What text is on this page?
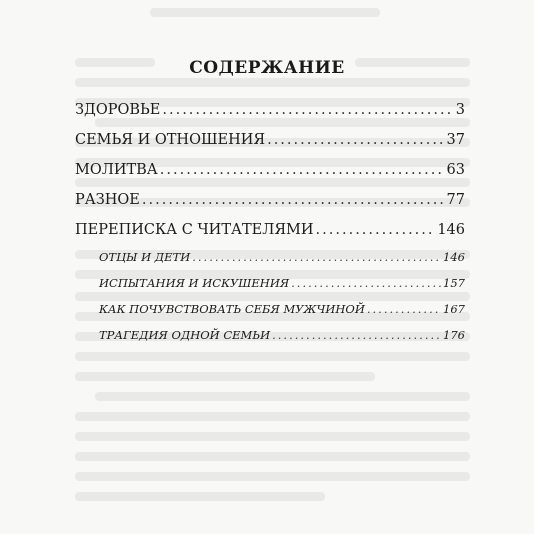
СОДЕРЖАНИЕ
ЗДОРОВЬЕ .....	3
СЕМЬЯ И ОТНОШЕНИЯ .....	37
МОЛИТВА .....	63
РАЗНОЕ .....	77
ПЕРЕПИСКА С ЧИТАТЕЛЯМИ .....	146
ОТЦЫ И ДЕТИ .....	146
ИСПЫТАНИЯ И ИСКУШЕНИЯ .....	157
КАК ПОЧУВСТВОВАТЬ СЕБЯ МУЖЧИНОЙ .....	167
ТРАГЕДИЯ ОДНОЙ СЕМЬИ .....	176
